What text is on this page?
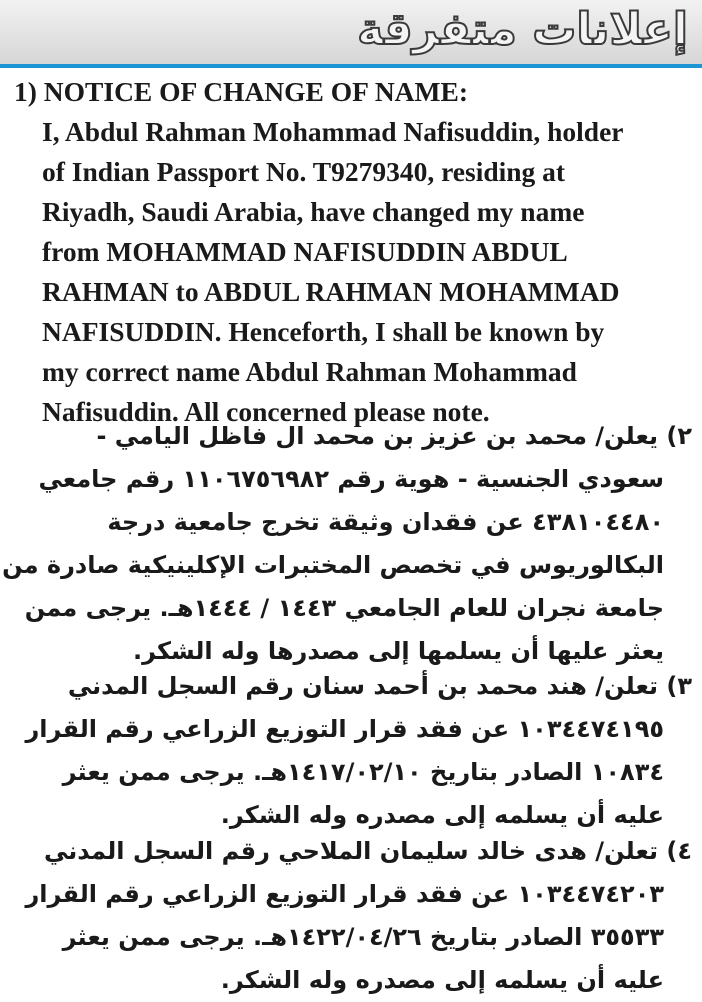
إعلانات متفرقة
1) NOTICE OF CHANGE OF NAME:
I, Abdul Rahman Mohammad Nafisuddin, holder
of Indian Passport No. T9279340, residing at
Riyadh, Saudi Arabia, have changed my name
from MOHAMMAD NAFISUDDIN ABDUL
RAHMAN to ABDUL RAHMAN MOHAMMAD
NAFISUDDIN. Henceforth, I shall be known by
my correct name Abdul Rahman Mohammad
Nafisuddin. All concerned please note.
٢) يعلن/ محمد بن عزيز بن محمد ال فاظل اليامي -
سعودي الجنسية - هوية رقم ١١٠٦٧٥٦٩٨٢ رقم جامعي
٤٣٨١٠٤٤٨٠ عن فقدان وثيقة تخرج جامعية درجة
البكالوريوس في تخصص المختبرات الإكلينيكية صادرة من
جامعة نجران للعام الجامعي ١٤٤٣ / ١٤٤٤هـ. يرجى ممن
يعثر عليها أن يسلمها إلى مصدرها وله الشكر.
٣) تعلن/ هند محمد بن أحمد سنان رقم السجل المدني
١٠٣٤٤٧٤١٩٥ عن فقد قرار التوزيع الزراعي رقم القرار
١٠٨٣٤ الصادر بتاريخ ١٤١٧/٠٢/١٠هـ. يرجى ممن يعثر
عليه أن يسلمه إلى مصدره وله الشكر.
٤) تعلن/ هدى خالد سليمان الملاحي رقم السجل المدني
١٠٣٤٤٧٤٢٠٣ عن فقد قرار التوزيع الزراعي رقم القرار
٣٥٥٣٣ الصادر بتاريخ ١٤٢٢/٠٤/٢٦هـ. يرجى ممن يعثر
عليه أن يسلمه إلى مصدره وله الشكر.
